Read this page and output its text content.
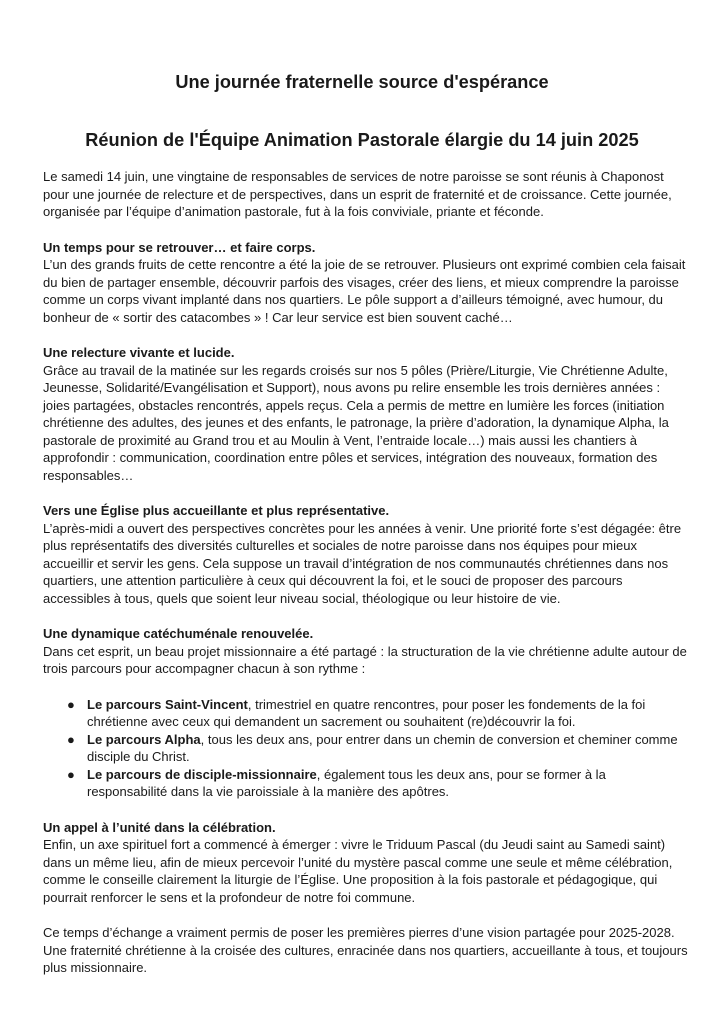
Une journée fraternelle source d'espérance
Réunion de l'Équipe Animation Pastorale élargie du 14 juin 2025

Le samedi 14 juin, une vingtaine de responsables de services de notre paroisse se sont réunis à Chaponost pour une journée de relecture et de perspectives, dans un esprit de fraternité et de croissance. Cette journée, organisée par l’équipe d’animation pastorale, fut à la fois conviviale, priante et féconde.

Un temps pour se retrouver… et faire corps.

L’un des grands fruits de cette rencontre a été la joie de se retrouver. Plusieurs ont exprimé combien cela faisait du bien de partager ensemble, découvrir parfois des visages, créer des liens, et mieux comprendre la paroisse comme un corps vivant implanté dans nos quartiers. Le pôle support a d’ailleurs témoigné, avec humour, du bonheur de « sortir des catacombes » ! Car leur service est bien souvent caché…

Une relecture vivante et lucide.

Grâce au travail de la matinée sur les regards croisés sur nos 5 pôles (Prière/Liturgie, Vie Chrétienne Adulte, Jeunesse, Solidarité/Evangélisation et Support), nous avons pu relire ensemble les trois dernières années : joies partagées, obstacles rencontrés, appels reçus. Cela a permis de mettre en lumière les forces (initiation chrétienne des adultes, des jeunes et des enfants, le patronage, la prière d’adoration, la dynamique Alpha, la pastorale de proximité au Grand trou et au Moulin à Vent, l’entraide locale…) mais aussi les chantiers à approfondir : communication, coordination entre pôles et services, intégration des nouveaux, formation des responsables…

Vers une Église plus accueillante et plus représentative.

L’après-midi a ouvert des perspectives concrètes pour les années à venir. Une priorité forte s’est dégagée: être plus représentatifs des diversités culturelles et sociales de notre paroisse dans nos équipes pour mieux accueillir et servir les gens. Cela suppose un travail d’intégration de nos communautés chrétiennes dans nos quartiers, une attention particulière à ceux qui découvrent la foi, et le souci de proposer des parcours accessibles à tous, quels que soient leur niveau social, théologique ou leur histoire de vie.

Une dynamique catéchuménale renouvelée.

Dans cet esprit, un beau projet missionnaire a été partagé : la structuration de la vie chrétienne adulte autour de trois parcours pour accompagner chacun à son rythme :

● Le parcours Saint-Vincent, trimestriel en quatre rencontres, pour poser les fondements de la foi chrétienne avec ceux qui demandent un sacrement ou souhaitent (re)découvrir la foi.
● Le parcours Alpha, tous les deux ans, pour entrer dans un chemin de conversion et cheminer comme disciple du Christ.
● Le parcours de disciple-missionnaire, également tous les deux ans, pour se former à la responsabilité dans la vie paroissiale à la manière des apôtres.

Un appel à l’unité dans la célébration.

Enfin, un axe spirituel fort a commencé à émerger : vivre le Triduum Pascal (du Jeudi saint au Samedi saint) dans un même lieu, afin de mieux percevoir l’unité du mystère pascal comme une seule et même célébration, comme le conseille clairement la liturgie de l’Église. Une proposition à la fois pastorale et pédagogique, qui pourrait renforcer le sens et la profondeur de notre foi commune.

Ce temps d’échange a vraiment permis de poser les premières pierres d’une vision partagée pour 2025-2028. Une fraternité chrétienne à la croisée des cultures, enracinée dans nos quartiers, accueillante à tous, et toujours plus missionnaire.
